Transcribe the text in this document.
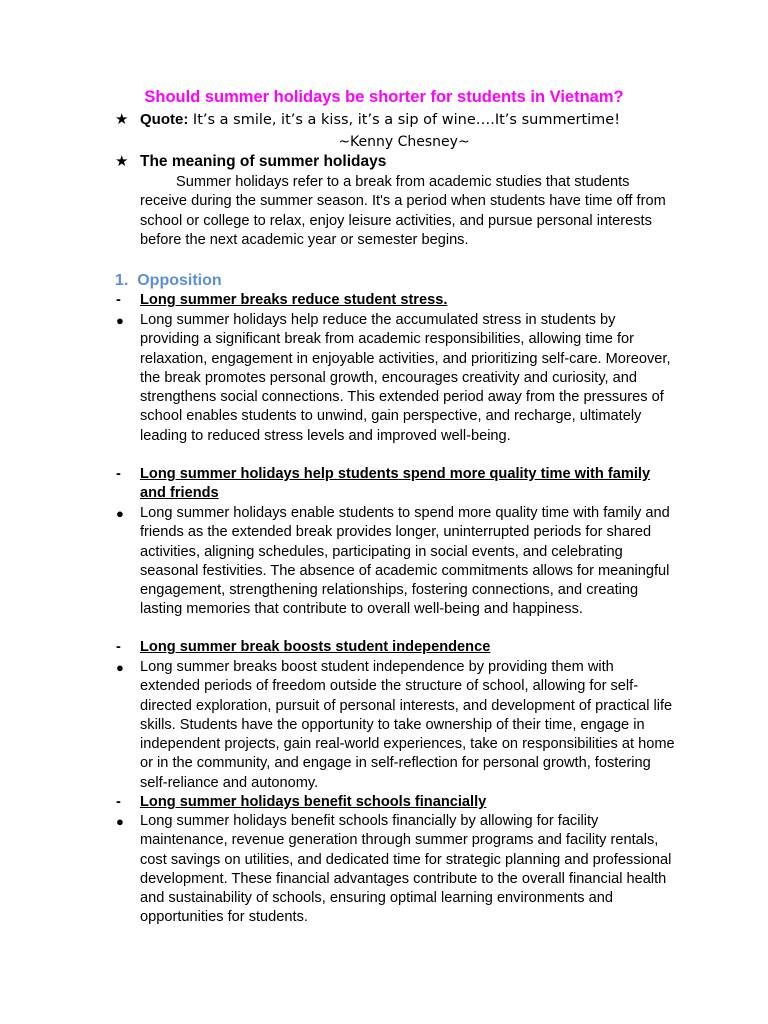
Should summer holidays be shorter for students in Vietnam?
★ Quote: It’s a smile, it’s a kiss, it’s a sip of wine….It’s summertime!
~Kenny Chesney~
★ The meaning of summer holidays
Summer holidays refer to a break from academic studies that students receive during the summer season. It's a period when students have time off from school or college to relax, enjoy leisure activities, and pursue personal interests before the next academic year or semester begins.
1. Opposition
- Long summer breaks reduce student stress.
● Long summer holidays help reduce the accumulated stress in students by providing a significant break from academic responsibilities, allowing time for relaxation, engagement in enjoyable activities, and prioritizing self-care. Moreover, the break promotes personal growth, encourages creativity and curiosity, and strengthens social connections. This extended period away from the pressures of school enables students to unwind, gain perspective, and recharge, ultimately leading to reduced stress levels and improved well-being.
- Long summer holidays help students spend more quality time with family and friends
● Long summer holidays enable students to spend more quality time with family and friends as the extended break provides longer, uninterrupted periods for shared activities, aligning schedules, participating in social events, and celebrating seasonal festivities. The absence of academic commitments allows for meaningful engagement, strengthening relationships, fostering connections, and creating lasting memories that contribute to overall well-being and happiness.
- Long summer break boosts student independence
● Long summer breaks boost student independence by providing them with extended periods of freedom outside the structure of school, allowing for self-directed exploration, pursuit of personal interests, and development of practical life skills. Students have the opportunity to take ownership of their time, engage in independent projects, gain real-world experiences, take on responsibilities at home or in the community, and engage in self-reflection for personal growth, fostering self-reliance and autonomy.
- Long summer holidays benefit schools financially
● Long summer holidays benefit schools financially by allowing for facility maintenance, revenue generation through summer programs and facility rentals, cost savings on utilities, and dedicated time for strategic planning and professional development. These financial advantages contribute to the overall financial health and sustainability of schools, ensuring optimal learning environments and opportunities for students.
